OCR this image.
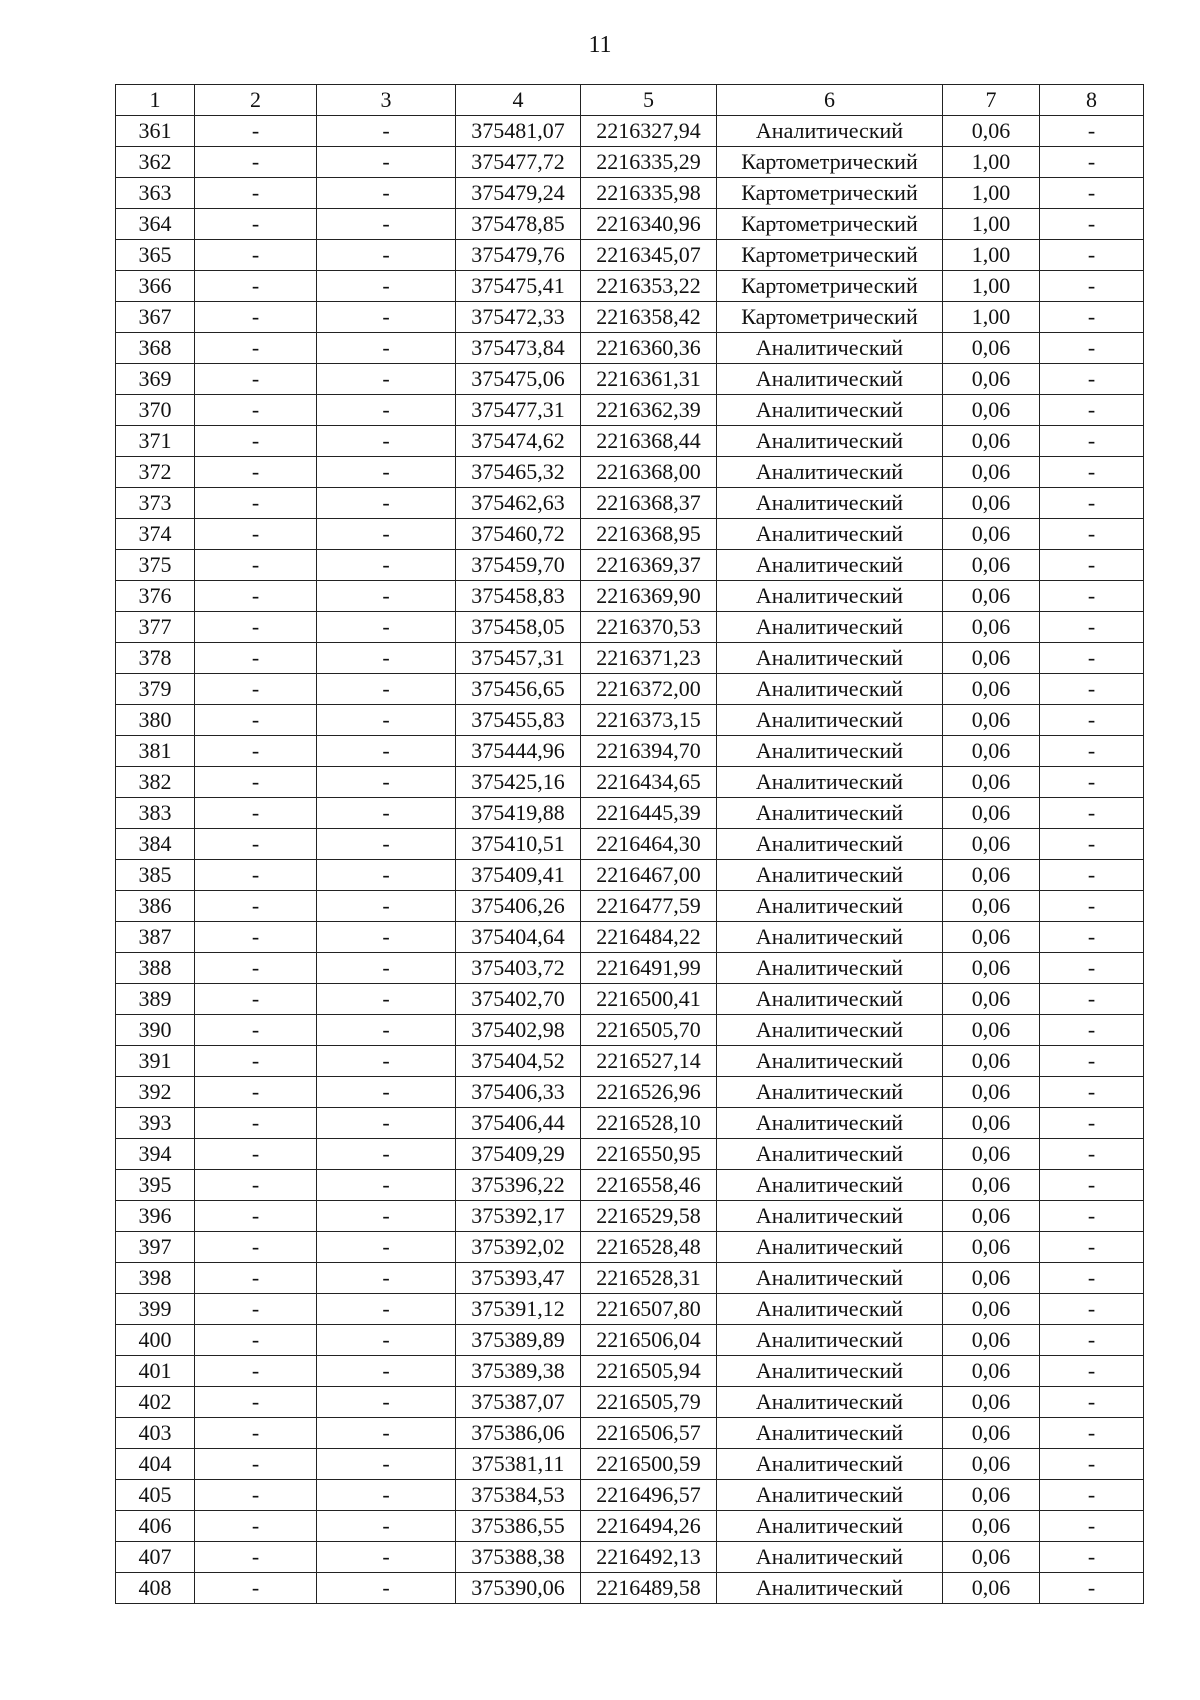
11
1	2	3	4	5	6	7	8
361	-	-	375481,07	2216327,94	Аналитический	0,06	-
362	-	-	375477,72	2216335,29	Картометрический	1,00	-
363	-	-	375479,24	2216335,98	Картометрический	1,00	-
364	-	-	375478,85	2216340,96	Картометрический	1,00	-
365	-	-	375479,76	2216345,07	Картометрический	1,00	-
366	-	-	375475,41	2216353,22	Картометрический	1,00	-
367	-	-	375472,33	2216358,42	Картометрический	1,00	-
368	-	-	375473,84	2216360,36	Аналитический	0,06	-
369	-	-	375475,06	2216361,31	Аналитический	0,06	-
370	-	-	375477,31	2216362,39	Аналитический	0,06	-
371	-	-	375474,62	2216368,44	Аналитический	0,06	-
372	-	-	375465,32	2216368,00	Аналитический	0,06	-
373	-	-	375462,63	2216368,37	Аналитический	0,06	-
374	-	-	375460,72	2216368,95	Аналитический	0,06	-
375	-	-	375459,70	2216369,37	Аналитический	0,06	-
376	-	-	375458,83	2216369,90	Аналитический	0,06	-
377	-	-	375458,05	2216370,53	Аналитический	0,06	-
378	-	-	375457,31	2216371,23	Аналитический	0,06	-
379	-	-	375456,65	2216372,00	Аналитический	0,06	-
380	-	-	375455,83	2216373,15	Аналитический	0,06	-
381	-	-	375444,96	2216394,70	Аналитический	0,06	-
382	-	-	375425,16	2216434,65	Аналитический	0,06	-
383	-	-	375419,88	2216445,39	Аналитический	0,06	-
384	-	-	375410,51	2216464,30	Аналитический	0,06	-
385	-	-	375409,41	2216467,00	Аналитический	0,06	-
386	-	-	375406,26	2216477,59	Аналитический	0,06	-
387	-	-	375404,64	2216484,22	Аналитический	0,06	-
388	-	-	375403,72	2216491,99	Аналитический	0,06	-
389	-	-	375402,70	2216500,41	Аналитический	0,06	-
390	-	-	375402,98	2216505,70	Аналитический	0,06	-
391	-	-	375404,52	2216527,14	Аналитический	0,06	-
392	-	-	375406,33	2216526,96	Аналитический	0,06	-
393	-	-	375406,44	2216528,10	Аналитический	0,06	-
394	-	-	375409,29	2216550,95	Аналитический	0,06	-
395	-	-	375396,22	2216558,46	Аналитический	0,06	-
396	-	-	375392,17	2216529,58	Аналитический	0,06	-
397	-	-	375392,02	2216528,48	Аналитический	0,06	-
398	-	-	375393,47	2216528,31	Аналитический	0,06	-
399	-	-	375391,12	2216507,80	Аналитический	0,06	-
400	-	-	375389,89	2216506,04	Аналитический	0,06	-
401	-	-	375389,38	2216505,94	Аналитический	0,06	-
402	-	-	375387,07	2216505,79	Аналитический	0,06	-
403	-	-	375386,06	2216506,57	Аналитический	0,06	-
404	-	-	375381,11	2216500,59	Аналитический	0,06	-
405	-	-	375384,53	2216496,57	Аналитический	0,06	-
406	-	-	375386,55	2216494,26	Аналитический	0,06	-
407	-	-	375388,38	2216492,13	Аналитический	0,06	-
408	-	-	375390,06	2216489,58	Аналитический	0,06	-
